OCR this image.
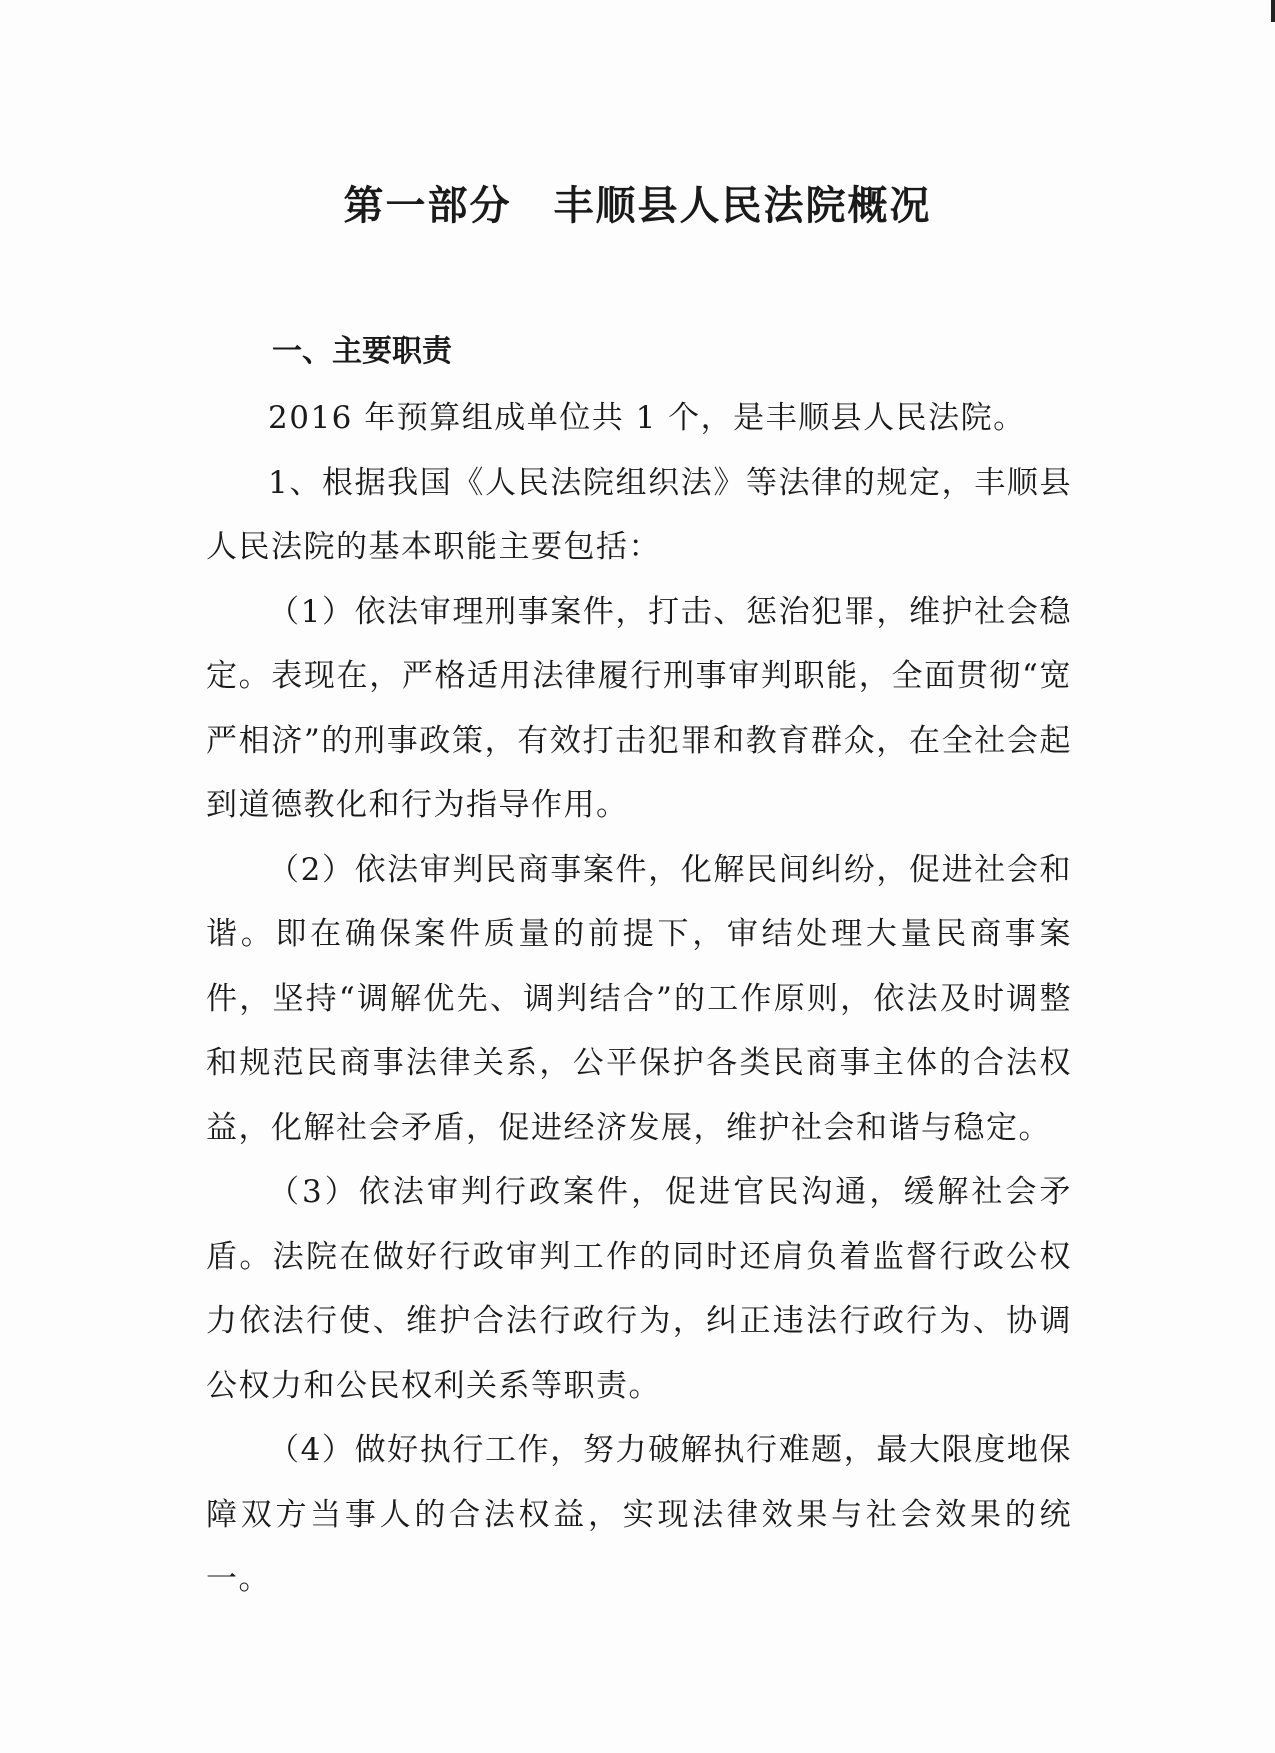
第一部分　丰顺县人民法院概况
一、主要职责

2016 年预算组成单位共 1 个，是丰顺县人民法院。

1、根据我国《人民法院组织法》等法律的规定，丰顺县人民法院的基本职能主要包括：

（1）依法审理刑事案件，打击、惩治犯罪，维护社会稳定。表现在，严格适用法律履行刑事审判职能，全面贯彻“宽严相济”的刑事政策，有效打击犯罪和教育群众，在全社会起到道德教化和行为指导作用。

（2）依法审判民商事案件，化解民间纠纷，促进社会和谐。即在确保案件质量的前提下，审结处理大量民商事案件，坚持“调解优先、调判结合”的工作原则，依法及时调整和规范民商事法律关系，公平保护各类民商事主体的合法权益，化解社会矛盾，促进经济发展，维护社会和谐与稳定。

（3）依法审判行政案件，促进官民沟通，缓解社会矛盾。法院在做好行政审判工作的同时还肩负着监督行政公权力依法行使、维护合法行政行为，纠正违法行政行为、协调公权力和公民权利关系等职责。

（4）做好执行工作，努力破解执行难题，最大限度地保障双方当事人的合法权益，实现法律效果与社会效果的统一。
